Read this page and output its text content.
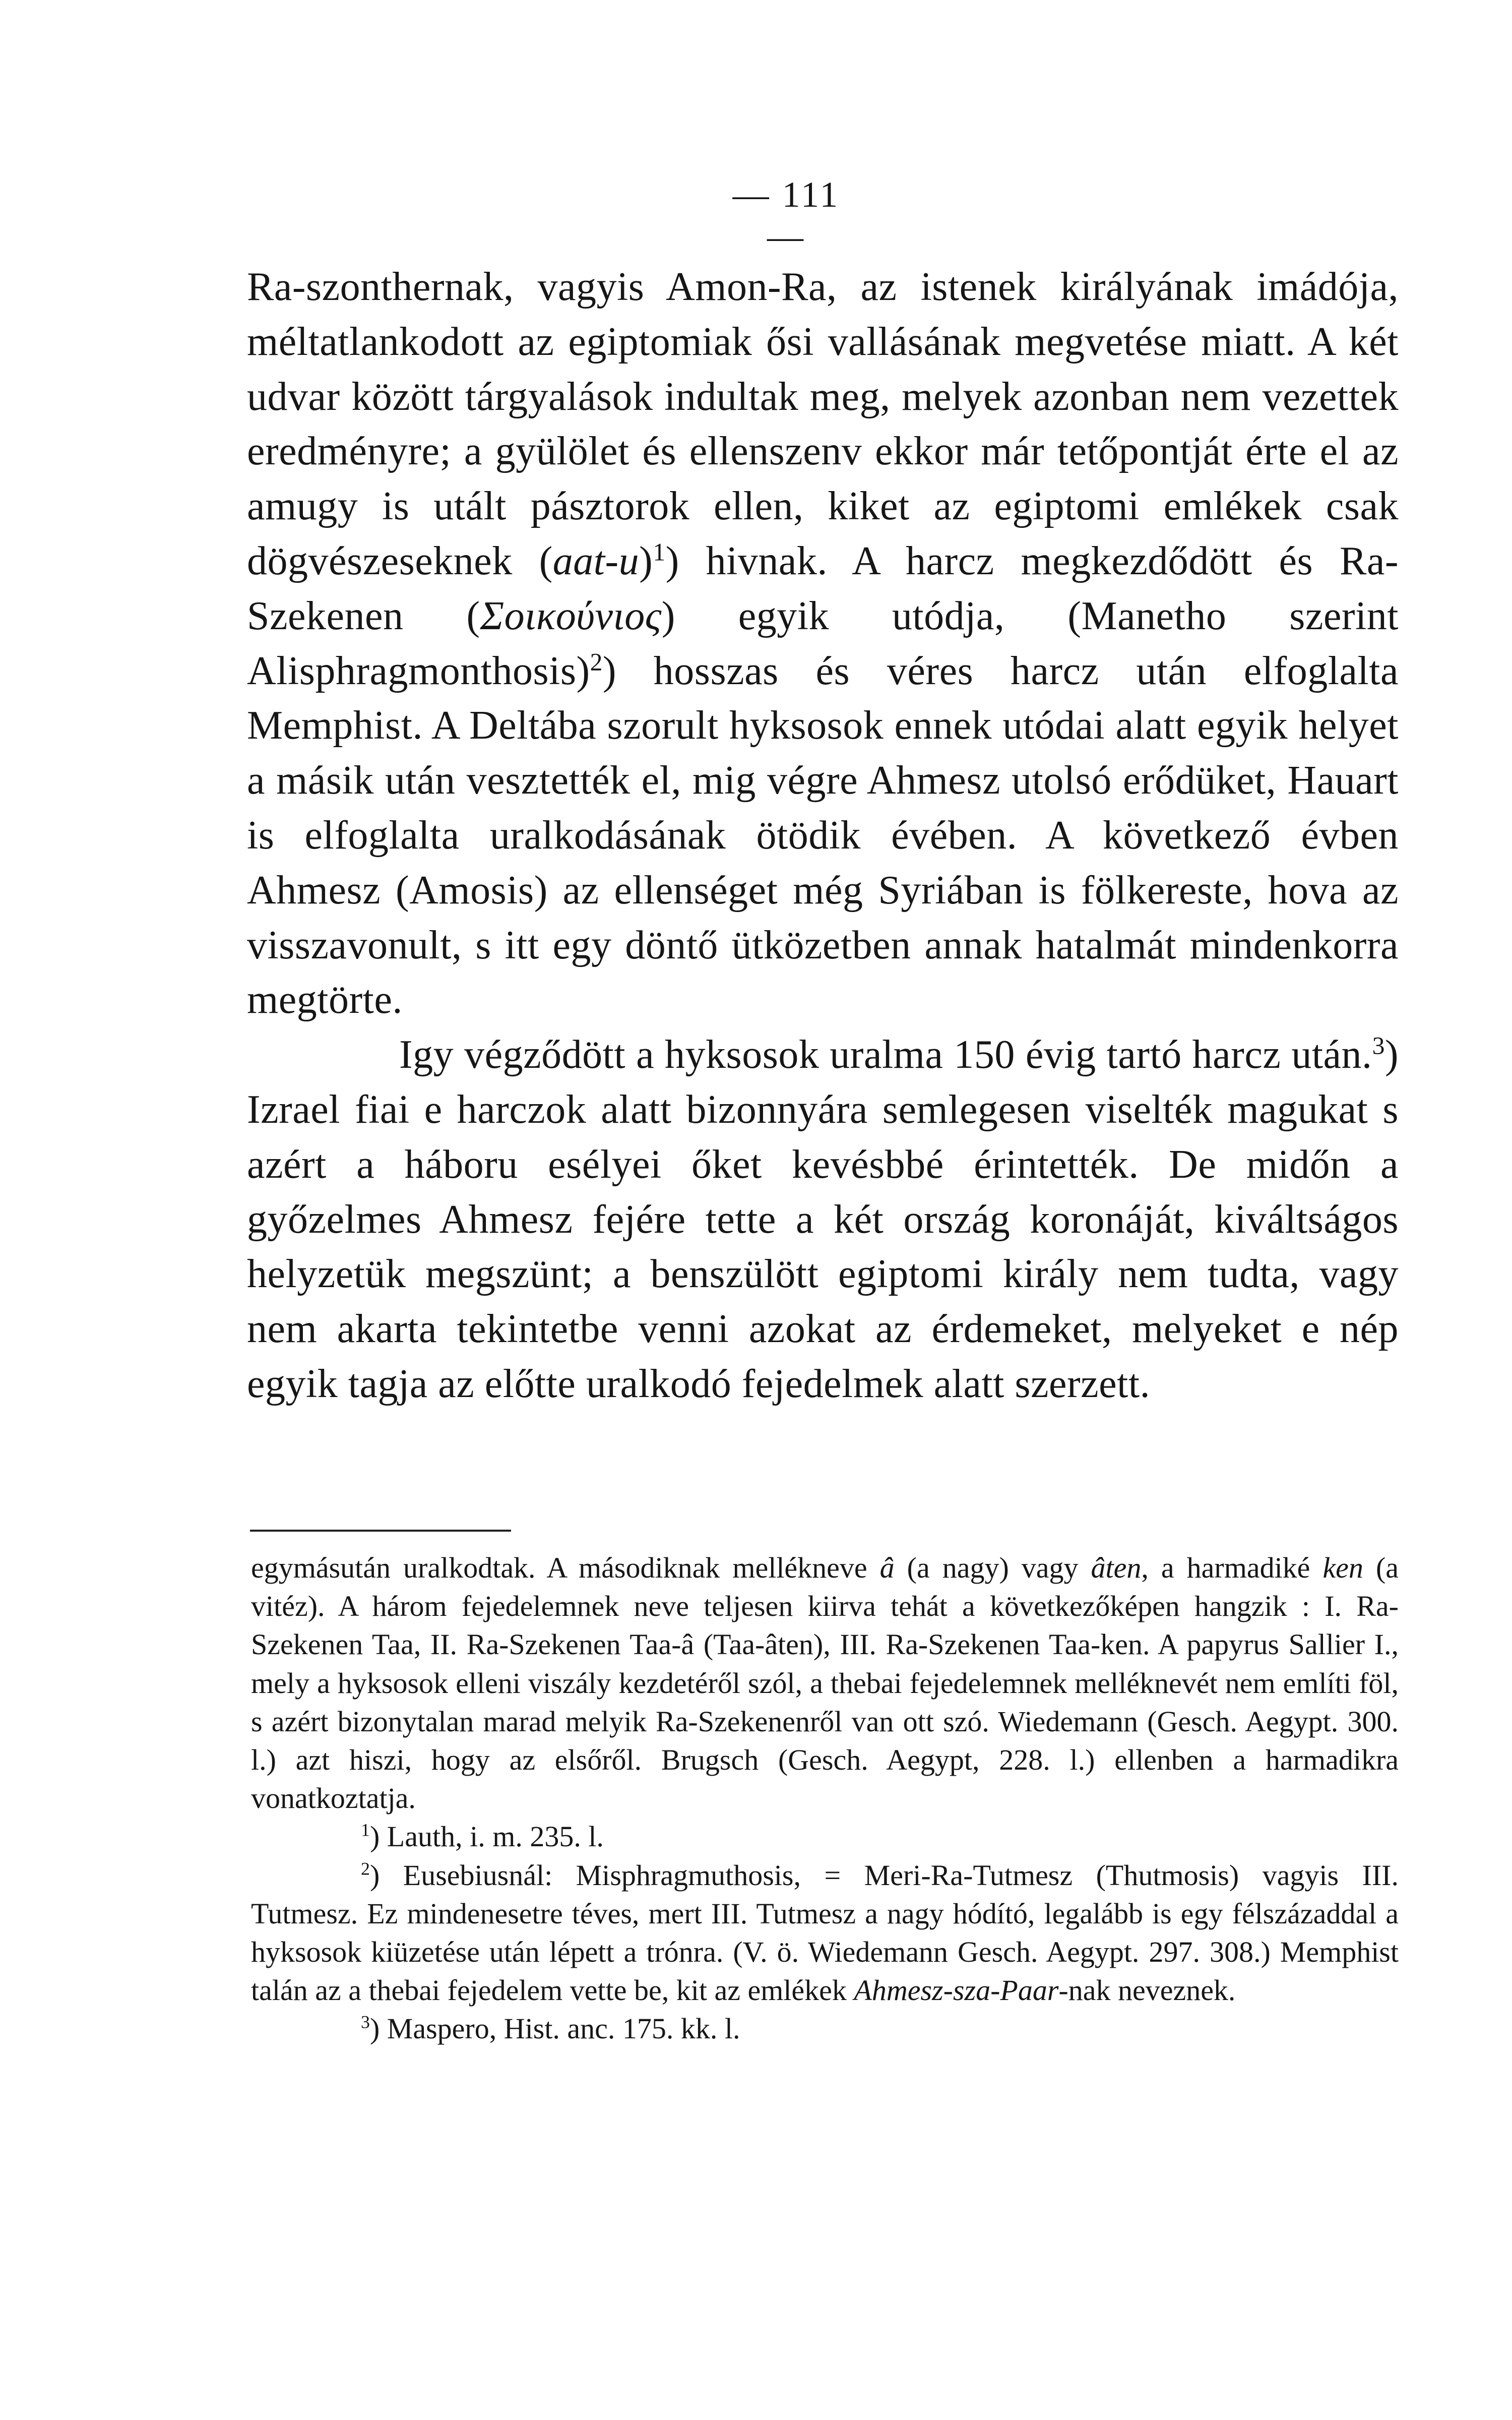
— 111 —

Ra-szonthernak, vagyis Amon-Ra, az istenek királyának imádója, méltatlankodott az egiptomiak ősi vallásának megvetése miatt. A két udvar között tárgyalások indultak meg, melyek azonban nem vezettek eredményre; a gyülölet és ellenszenv ekkor már tetőpontját érte el az amugy is utált pásztorok ellen, kiket az egiptomi emlékek csak dögvészeseknek $(aat-u)^1$) hivnak. A harcz megkezdődött és Ra-Szekenen (Σοικούνιος) egyik utódja, (Manetho szerint Alisphragmonthosis)$^2$) hosszas és véres harcz után elfoglalta Memphist. A Deltába szorult hyksosok ennek utódai alatt egyik helyet a másik után vesztették el, mig végre Ahmesz utolsó erődüket, Hauart is elfoglalta uralkodásának ötödik évében. A következő évben Ahmesz (Amosis) az ellenséget még Syriában is fölkereste, hova az visszavonult, s itt egy döntő ütközetben annak hatalmát mindenkorra megtörte.

Igy végződött a hyksosok uralma 150 évig tartó harcz után.$^3$) Izrael fiai e harczok alatt bizonnyára semlegesen viselték magukat s azért a háboru esélyei őket kevésbbé érintették. De midőn a győzelmes Ahmesz fejére tette a két ország koronáját, kiváltságos helyzetük megszünt; a benszülött egiptomi király nem tudta, vagy nem akarta tekintetbe venni azokat az érdemeket, melyeket e nép egyik tagja az előtte uralkodó fejedelmek alatt szerzett.

egymásután uralkodtak. A másodiknak mellékneve â (a nagy) vagy âten, a harmadiké ken (a vitéz). A három fejedelemnek neve teljesen kiirva tehát a következőképen hangzik : I. Ra-Szekenen Taa, II. Ra-Szekenen Taa-â (Taa-âten), III. Ra-Szekenen Taa-ken. A papyrus Sallier I., mely a hyksosok elleni viszály kezdetéről szól, a thebai fejedelemnek melléknevét nem említi föl, s azért bizonytalan marad melyik Ra-Szekenenről van ott szó. Wiedemann (Gesch. Aegypt. 300. l.) azt hiszi, hogy az elsőről. Brugsch (Gesch. Aegypt, 228. l.) ellenben a harmadikra vonatkoztatja.

$^1$) Lauth, i. m. 235. l.

$^2$) Eusebiusnál: Misphragmuthosis, = Meri-Ra-Tutmesz (Thutmosis) vagyis III. Tutmesz. Ez mindenesetre téves, mert III. Tutmesz a nagy hódító, legalább is egy félszázaddal a hyksosok kiüzetése után lépett a trónra. (V. ö. Wiedemann Gesch. Aegypt. 297. 308.) Memphist talán az a thebai fejedelem vette be, kit az emlékek Ahmesz-sza-Paar-nak neveznek.

$^3$) Maspero, Hist. anc. 175. kk. l.
